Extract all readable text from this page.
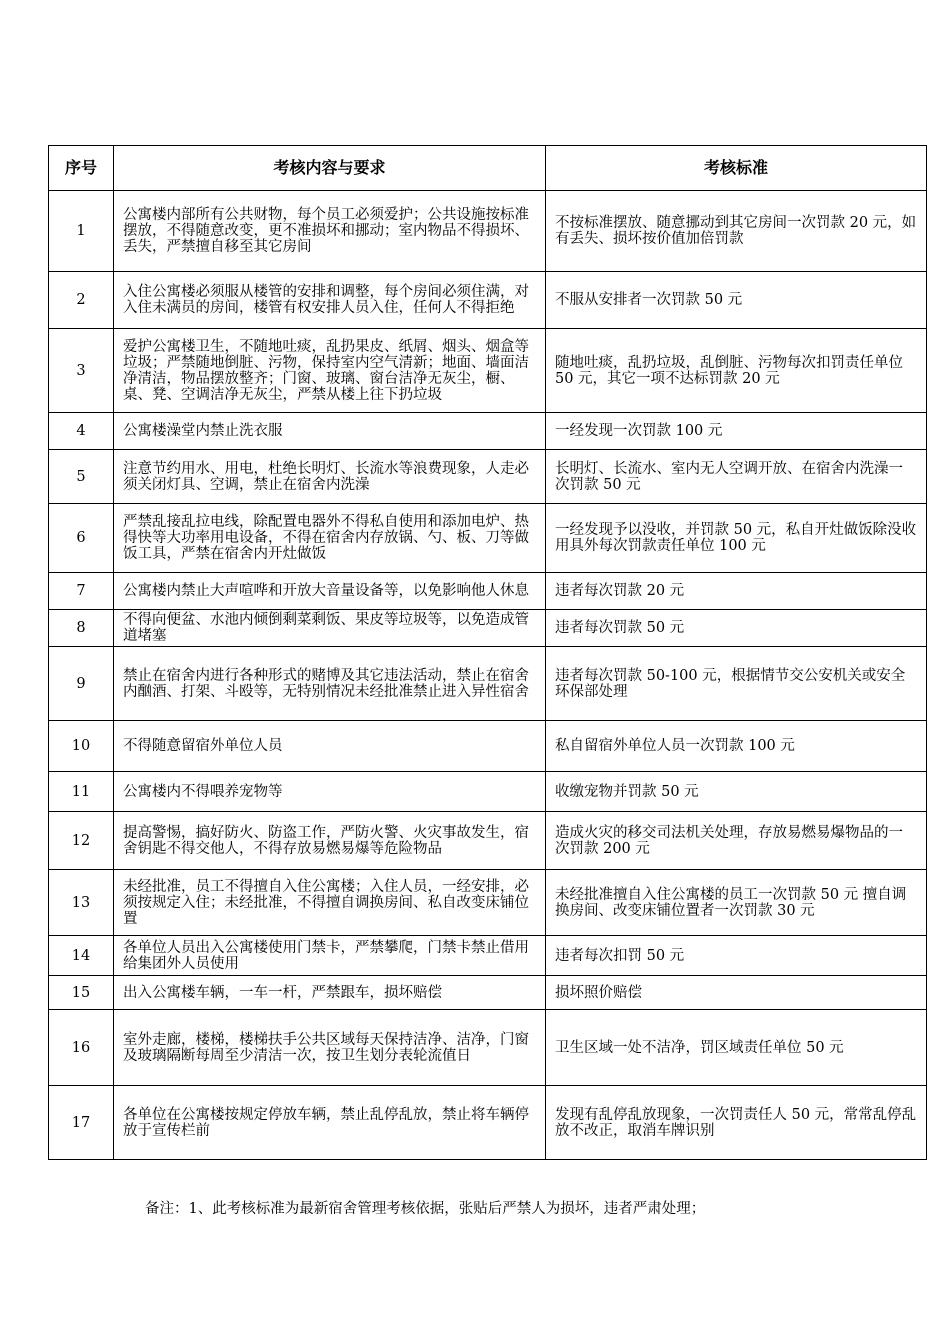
序号	考核内容与要求	考核标准
1	公寓楼内部所有公共财物，每个员工必须爱护；公共设施按标准摆放，不得随意改变，更不准损坏和挪动；室内物品不得损坏、丢失，严禁擅自移至其它房间	不按标准摆放、随意挪动到其它房间一次罚款 20 元，如有丢失、损坏按价值加倍罚款
2	入住公寓楼必须服从楼管的安排和调整，每个房间必须住满，对入住未满员的房间，楼管有权安排人员入住，任何人不得拒绝	不服从安排者一次罚款 50 元
3	爱护公寓楼卫生，不随地吐痰，乱扔果皮、纸屑、烟头、烟盒等垃圾；严禁随地倒脏、污物，保持室内空气清新；地面、墙面洁净清洁，物品摆放整齐；门窗、玻璃、窗台洁净无灰尘，橱、桌、凳、空调洁净无灰尘，严禁从楼上往下扔垃圾	随地吐痰，乱扔垃圾，乱倒脏、污物每次扣罚责任单位 50 元，其它一项不达标罚款 20 元
4	公寓楼澡堂内禁止洗衣服	一经发现一次罚款 100 元
5	注意节约用水、用电，杜绝长明灯、长流水等浪费现象，人走必须关闭灯具、空调，禁止在宿舍内洗澡	长明灯、长流水、室内无人空调开放、在宿舍内洗澡一次罚款 50 元
6	严禁乱接乱拉电线，除配置电器外不得私自使用和添加电炉、热得快等大功率用电设备，不得在宿舍内存放锅、勺、板、刀等做饭工具，严禁在宿舍内开灶做饭	一经发现予以没收，并罚款 50 元，私自开灶做饭除没收用具外每次罚款责任单位 100 元
7	公寓楼内禁止大声喧哗和开放大音量设备等，以免影响他人休息	违者每次罚款 20 元
8	不得向便盆、水池内倾倒剩菜剩饭、果皮等垃圾等，以免造成管道堵塞	违者每次罚款 50 元
9	禁止在宿舍内进行各种形式的赌博及其它违法活动，禁止在宿舍内酗酒、打架、斗殴等，无特别情况未经批准禁止进入异性宿舍	违者每次罚款 50-100 元，根据情节交公安机关或安全环保部处理
10	不得随意留宿外单位人员	私自留宿外单位人员一次罚款 100 元
11	公寓楼内不得喂养宠物等	收缴宠物并罚款 50 元
12	提高警惕，搞好防火、防盗工作，严防火警、火灾事故发生，宿舍钥匙不得交他人，不得存放易燃易爆等危险物品	造成火灾的移交司法机关处理，存放易燃易爆物品的一次罚款 200 元
13	未经批准，员工不得擅自入住公寓楼；入住人员，一经安排，必须按规定入住；未经批准，不得擅自调换房间、私自改变床铺位置	未经批准擅自入住公寓楼的员工一次罚款 50 元 擅自调换房间、改变床铺位置者一次罚款 30 元
14	各单位人员出入公寓楼使用门禁卡，严禁攀爬，门禁卡禁止借用给集团外人员使用	违者每次扣罚 50 元
15	出入公寓楼车辆，一车一杆，严禁跟车，损坏赔偿	损坏照价赔偿
16	室外走廊，楼梯，楼梯扶手公共区域每天保持洁净、洁净，门窗及玻璃隔断每周至少清洁一次，按卫生划分表轮流值日	卫生区域一处不洁净，罚区域责任单位 50 元
17	各单位在公寓楼按规定停放车辆，禁止乱停乱放，禁止将车辆停放于宣传栏前	发现有乱停乱放现象，一次罚责任人 50 元，常常乱停乱放不改正，取消车牌识别
备注：1、此考核标准为最新宿舍管理考核依据，张贴后严禁人为损坏，违者严肃处理；
